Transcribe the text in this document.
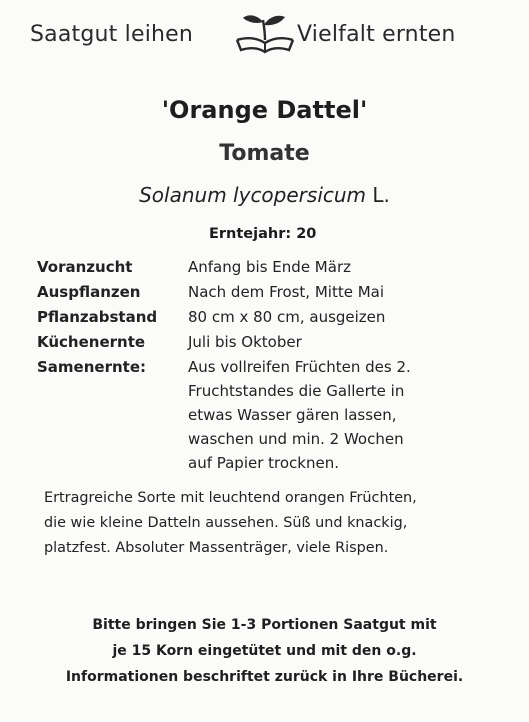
Saatgut leihen	Vielfalt ernten
'Orange Dattel'
Tomate
Solanum lycopersicum L.
Erntejahr: 20
Voranzucht	Anfang bis Ende März
Auspflanzen	Nach dem Frost, Mitte Mai
Pflanzabstand 80 cm x 80 cm, ausgeizen
Küchenernte	Juli bis Oktober
Samenernte:	Aus vollreifen Früchten des 2.
Fruchtstandes die Gallerte in
etwas Wasser gären lassen,
waschen und min. 2 Wochen
auf Papier trocknen.
Ertragreiche Sorte mit leuchtend orangen Früchten,
die wie kleine Datteln aussehen. Süß und knackig,
platzfest. Absoluter Massenträger, viele Rispen.
Bitte bringen Sie 1-3 Portionen Saatgut mit
je 15 Korn eingetütet und mit den o.g.
Informationen beschriftet zurück in Ihre Bücherei.
